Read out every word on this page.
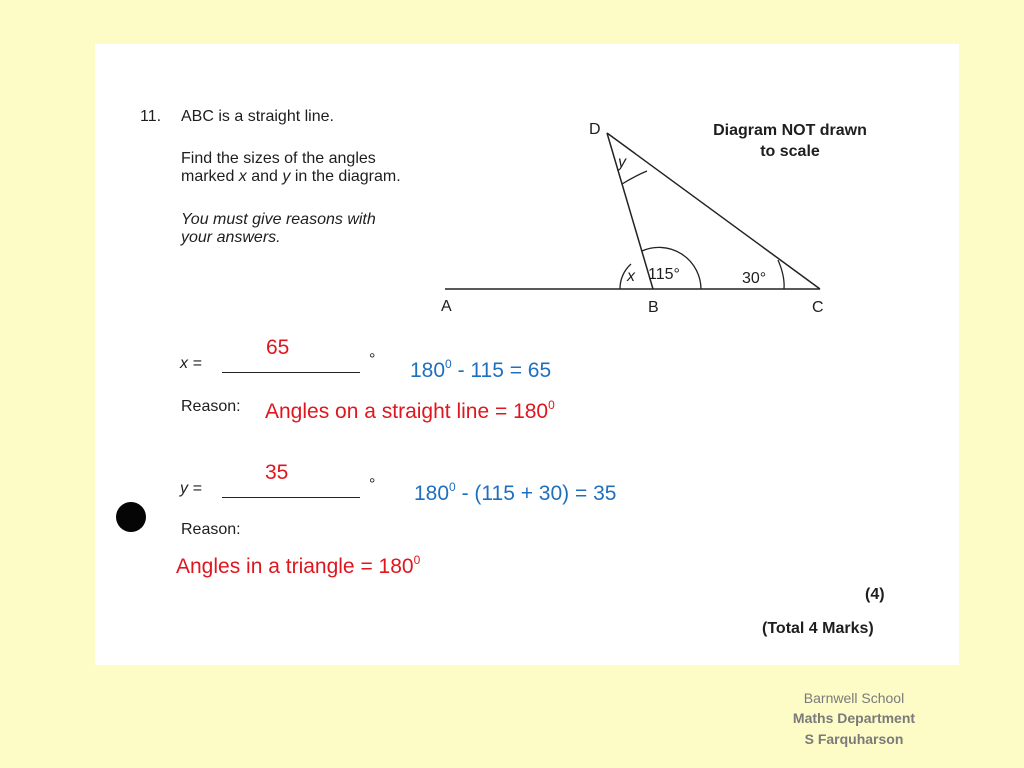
11. ABC is a straight line.
Find the sizes of the angles
marked x and y in the diagram.
You must give reasons with
your answers.
D
A	B	C
y
x 115°	30°
Diagram NOT drawn
to scale
65
x =	° $180^0 - 115 = 65$
Reason: Angles on a straight line = $180^0$
35
y =	° $180^0 - (115 + 30) = 35$
Reason:
Angles in a triangle = $180^0$
(4)
(Total 4 Marks)
Barnwell School
Maths Department
S Farquharson
